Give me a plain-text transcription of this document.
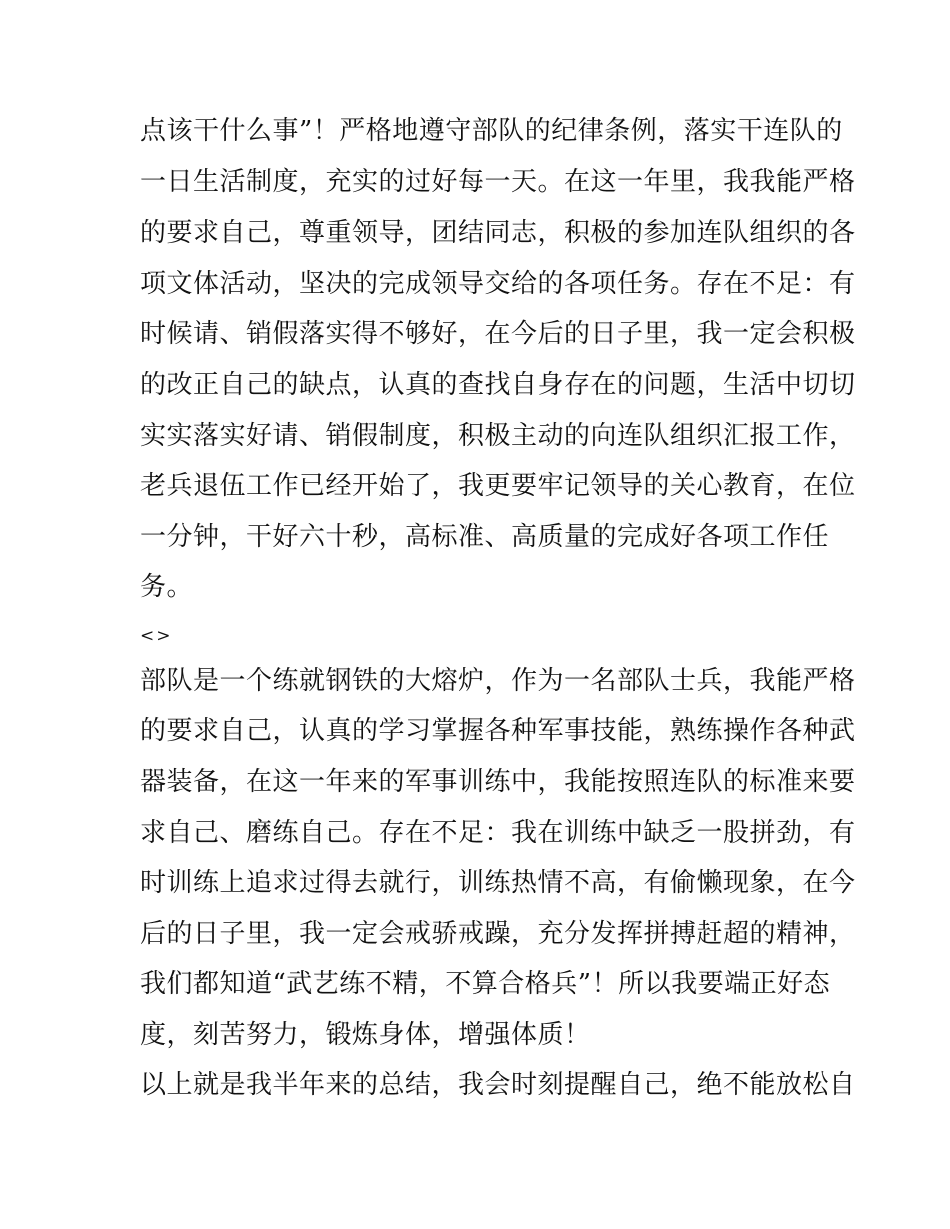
点该干什么事”！严格地遵守部队的纪律条例，落实干连队的
一日生活制度，充实的过好每一天。在这一年里，我我能严格
的要求自己，尊重领导，团结同志，积极的参加连队组织的各
项文体活动，坚决的完成领导交给的各项任务。存在不足：有
时候请、销假落实得不够好，在今后的日子里，我一定会积极
的改正自己的缺点，认真的查找自身存在的问题，生活中切切
实实落实好请、销假制度，积极主动的向连队组织汇报工作，
老兵退伍工作已经开始了，我更要牢记领导的关心教育，在位
一分钟，干好六十秒，高标准、高质量的完成好各项工作任
务。
<>
部队是一个练就钢铁的大熔炉，作为一名部队士兵，我能严格
的要求自己，认真的学习掌握各种军事技能，熟练操作各种武
器装备，在这一年来的军事训练中，我能按照连队的标准来要
求自己、磨练自己。存在不足：我在训练中缺乏一股拼劲，有
时训练上追求过得去就行，训练热情不高，有偷懒现象，在今
后的日子里，我一定会戒骄戒躁，充分发挥拼搏赶超的精神，
我们都知道“武艺练不精，不算合格兵”！所以我要端正好态
度，刻苦努力，锻炼身体，增强体质！
以上就是我半年来的总结，我会时刻提醒自己，绝不能放松自
